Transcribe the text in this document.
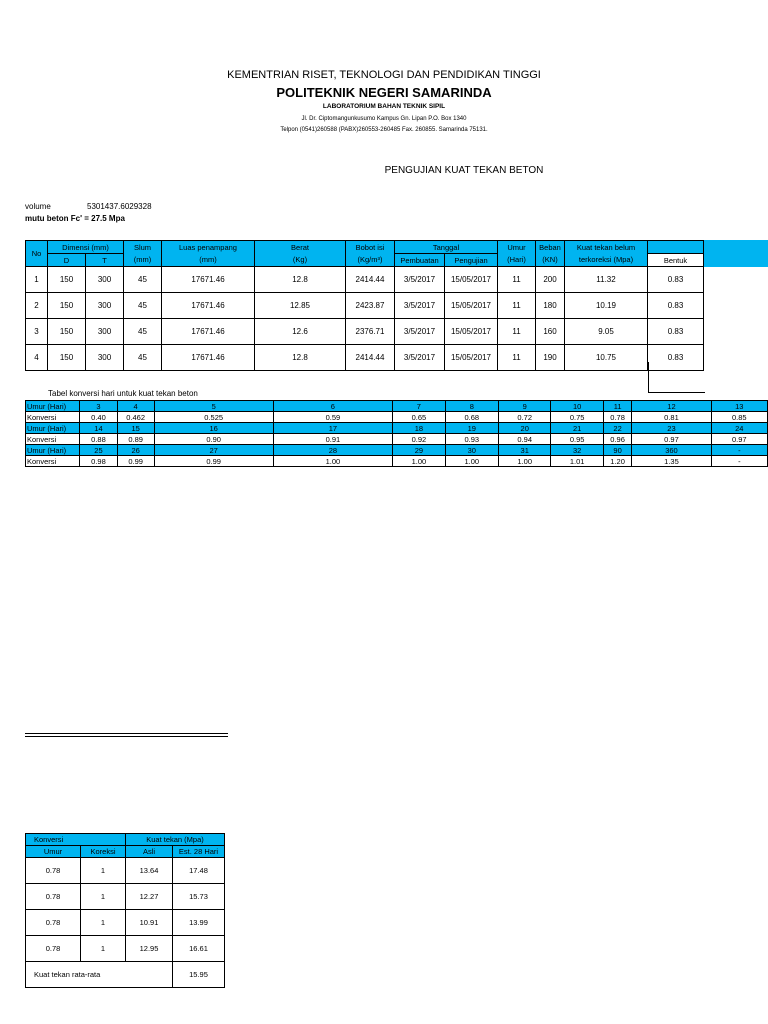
KEMENTRIAN RISET, TEKNOLOGI DAN PENDIDIKAN TINGGI
POLITEKNIK NEGERI SAMARINDA
LABORATORIUM BAHAN TEKNIK SIPIL
Jl. Dr. Ciptomangunkusumo Kampus Gn. Lipan P.O. Box 1340
Telpon (0541)260588 (PABX)260553-260485 Fax. 260855. Samarinda 75131.
PENGUJIAN KUAT TEKAN BETON
volume	5301437.6029328
mutu beton Fc' = 27.5 Mpa
No	Dimensi (mm)		Slum	Luas penampang	Berat	Bobot isi	Tanggal		Umur	Beban	Kuat tekan belum	
	D	T	(mm)	(mm)	(Kg)	(Kg/m³)	Pembuatan	Pengujian	(Hari)	(KN)	terkoreksi (Mpa)	Bentuk
1	150	300	45	17671.46	12.8	2414.44	3/5/2017	15/05/2017	11	200	11.32	0.83
2	150	300	45	17671.46	12.85	2423.87	3/5/2017	15/05/2017	11	180	10.19	0.83
3	150	300	45	17671.46	12.6	2376.71	3/5/2017	15/05/2017	11	160	9.05	0.83
4	150	300	45	17671.46	12.8	2414.44	3/5/2017	15/05/2017	11	190	10.75	0.83
Tabel konversi hari untuk kuat tekan beton
Umur (Hari)	3	4	5	6	7	8	9	10	11	12	13
Konversi	0.40	0.462	0.525	0.59	0.65	0.68	0.72	0.75	0.78	0.81	0.85
Umur (Hari)	14	15	16	17	18	19	20	21	22	23	24
Konversi	0.88	0.89	0.90	0.91	0.92	0.93	0.94	0.95	0.96	0.97	0.97
Umur (Hari)	25	26	27	28	29	30	31	32	90	360	-
Konversi	0.98	0.99	0.99	1.00	1.00	1.00	1.00	1.01	1.20	1.35	-
Konversi		Kuat tekan (Mpa)	
Umur	Koreksi	Asli	Est. 28 Hari
0.78	1	13.64	17.48
0.78	1	12.27	15.73
0.78	1	10.91	13.99
0.78	1	12.95	16.61
Kuat tekan rata-rata			15.95
